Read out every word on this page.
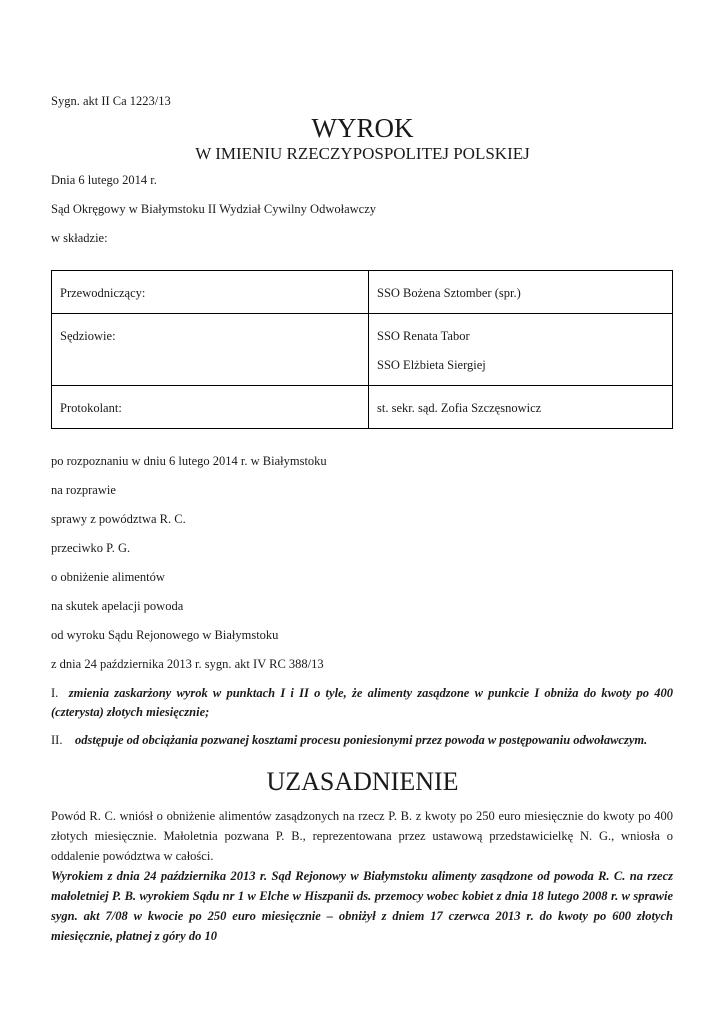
Sygn. akt II Ca 1223/13
WYROK
W IMIENIU RZECZYPOSPOLITEJ POLSKIEJ
Dnia 6 lutego 2014 r.
Sąd Okręgowy w Białymstoku II Wydział Cywilny Odwoławczy
w składzie:
Przewodniczący:	SSO Bożena Sztomber (spr.)

Sędziowie:	SSO Renata Tabor

SSO Elżbieta Siergiej

Protokolant:	st. sekr. sąd. Zofia Szczęsnowicz

po rozpoznaniu w dniu 6 lutego 2014 r. w Białymstoku
na rozprawie
sprawy z powództwa R. C.
przeciwko P. G.
o obniżenie alimentów
na skutek apelacji powoda
od wyroku Sądu Rejonowego w Białymstoku
z dnia 24 października 2013 r. sygn. akt IV RC 388/13
I. zmienia zaskarżony wyrok w punktach I i II o tyle, że alimenty zasądzone w punkcie I obniża do kwoty po 400 (czterysta) złotych miesięcznie;
II. odstępuje od obciążania pozwanej kosztami procesu poniesionymi przez powoda w postępowaniu odwoławczym.
UZASADNIENIE

Powód R. C. wniósł o obniżenie alimentów zasądzonych na rzecz P. B. z kwoty po 250 euro miesięcznie do kwoty po 400 złotych miesięcznie. Małoletnia pozwana P. B., reprezentowana przez ustawową przedstawicielkę N. G., wniosła o oddalenie powództwa w całości.

Wyrokiem z dnia 24 października 2013 r. Sąd Rejonowy w Białymstoku alimenty zasądzone od powoda R. C. na rzecz małoletniej P. B. wyrokiem Sądu nr 1 w Elche w Hiszpanii ds. przemocy wobec kobiet z dnia 18 lutego 2008 r. w sprawie sygn. akt 7/08 w kwocie po 250 euro miesięcznie – obniżył z dniem 17 czerwca 2013 r. do kwoty po 600 złotych miesięcznie, płatnej z góry do 10
